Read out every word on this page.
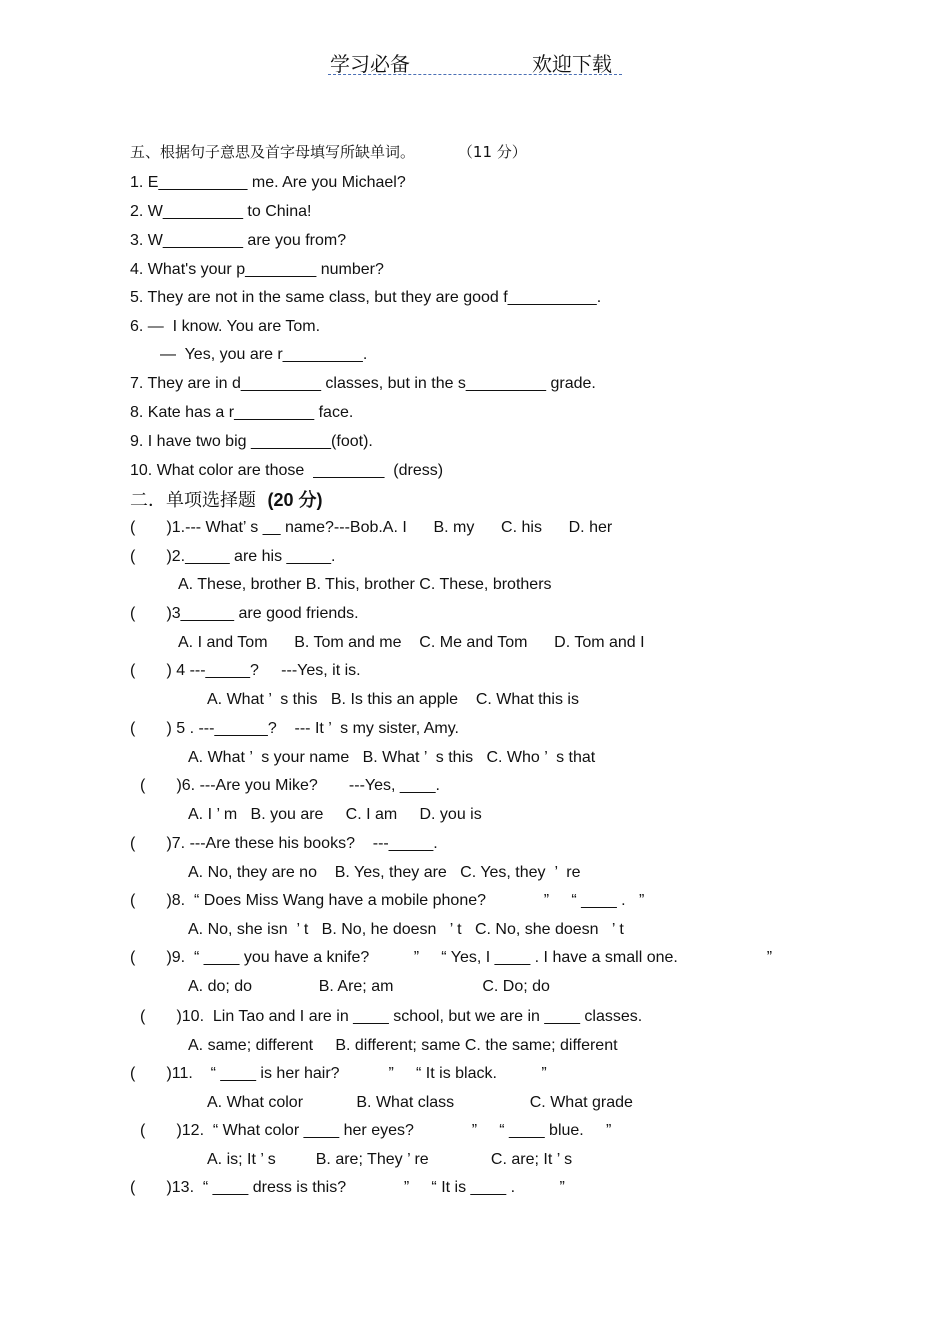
学习必备	欢迎下载
五、根据句子意思及首字母填写所缺单词。         （11 分）
1. E__________ me. Are you Michael?
2. W_________ to China!
3. W_________ are you from?
4. What's your p________ number?
5. They are not in the same class, but they are good f__________.
6. —  I know. You are Tom.
—  Yes, you are r_________.
7. They are in d_________ classes, but in the s_________ grade.
8. Kate has a r_________ face.
9. I have two big _________(foot).
10. What color are those  ________  (dress)
二．单项选择题  (20 分)
(       )1.--- What’ s __ name?---Bob.A. I      B. my      C. his      D. her
(       )2._____ are his _____.
A. These, brother B. This, brother C. These, brothers
(       )3______ are good friends.
A. I and Tom      B. Tom and me    C. Me and Tom      D. Tom and I
(       ) 4 ---_____?     ---Yes, it is.
A. What ’  s this   B. Is this an apple    C. What this is
(       ) 5 . ---______?    --- It ’  s my sister, Amy.
A. What ’  s your name   B. What ’  s this   C. Who ’  s that
(       )6. ---Are you Mike?       ---Yes, ____.
A. I ’ m   B. you are     C. I am     D. you is
(       )7. ---Are these his books?    ---_____.
A. No, they are no    B. Yes, they are   C. Yes, they  ’  re
(       )8.  “ Does Miss Wang have a mobile phone?             ”     “ ____ .   ”
A. No, she isn  ’ t   B. No, he doesn   ’ t   C. No, she doesn   ’ t
(       )9.  “ ____ you have a knife?          ”     “ Yes, I ____ . I have a small one.                    ”
A. do; do               B. Are; am                    C. Do; do
(       )10.  Lin Tao and I are in ____ school, but we are in ____ classes.
A. same; different     B. different; same C. the same; different
(       )11.    “ ____ is her hair?           ”     “ It is black.          ”
A. What color            B. What class                 C. What grade
(       )12.  “ What color ____ her eyes?             ”     “ ____ blue.     ”
A. is; It ’ s         B. are; They ’ re              C. are; It ’ s
(       )13.  “ ____ dress is this?             ”     “ It is ____ .          ”
